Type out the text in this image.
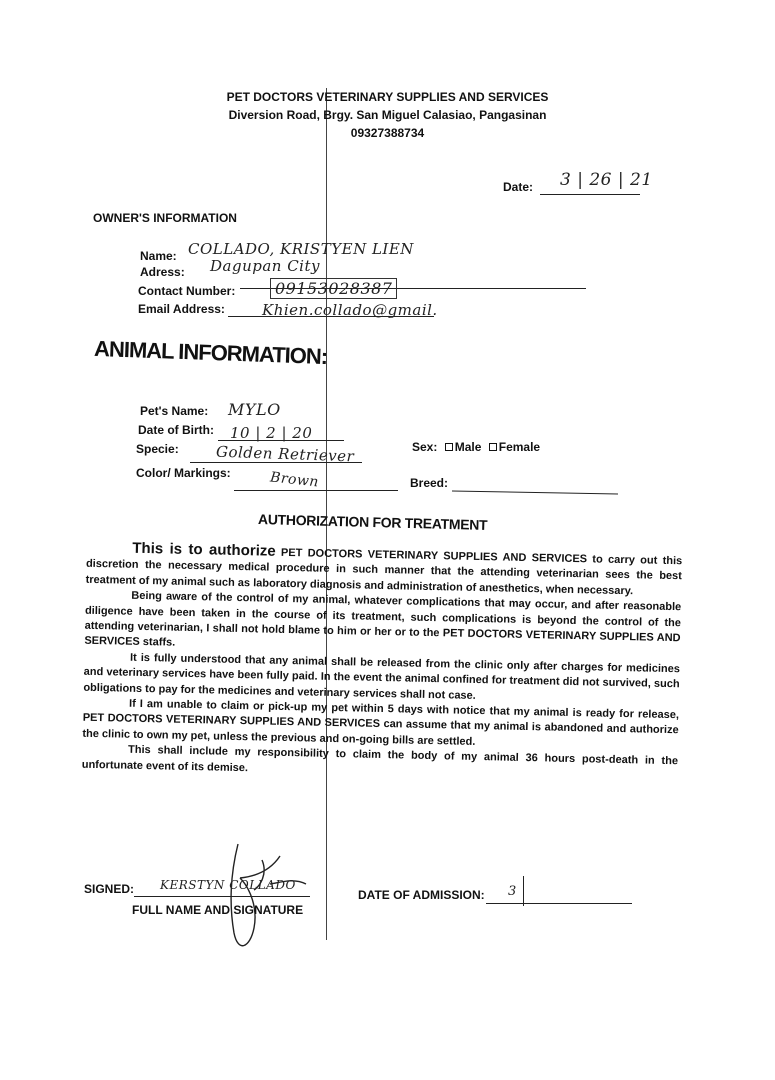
PET DOCTORS VETERINARY SUPPLIES AND SERVICES
Diversion Road, Brgy. San Miguel Calasiao, Pangasinan
09327388734
Date: 3 | 26 | 21
OWNER'S INFORMATION
Name: COLLADO, KRISTYEN LIEN
Adress: Dagupan City
Contact Number:	09153028387
Email Address: Khien.collado@gmail.
ANIMAL INFORMATION:
Pet's Name: MYLO
Date of Birth: 10 | 2 | 20
Specie: Golden Retriever
Color/ Markings:	Brown
Sex: Male Female
Breed:
AUTHORIZATION FOR TREATMENT

This is to authorize PET DOCTORS VETERINARY SUPPLIES AND SERVICES to carry out this discretion the necessary medical procedure in such manner that the attending veterinarian sees the best treatment of my animal such as laboratory diagnosis and administration of anesthetics, when necessary.

Being aware of the control of my animal, whatever complications that may occur, and after reasonable diligence have been taken in the course of its treatment, such complications is beyond the control of the attending veterinarian, I shall not hold blame to him or her or to the PET DOCTORS VETERINARY SUPPLIES AND SERVICES staffs.

It is fully understood that any animal shall be released from the clinic only after charges for medicines and veterinary services have been fully paid. In the event the animal confined for treatment did not survived, such obligations to pay for the medicines and veterinary services shall not case.

If I am unable to claim or pick-up my pet within 5 days with notice that my animal is ready for release, PET DOCTORS VETERINARY SUPPLIES AND SERVICES can assume that my animal is abandoned and authorize the clinic to own my pet, unless the previous and on-going bills are settled.

This shall include my responsibility to claim the body of my animal 36 hours post-death in the unfortunate event of its demise.

SIGNED: KERSTYN COLLADO
FULL NAME AND SIGNATURE
DATE OF ADMISSION: 3
